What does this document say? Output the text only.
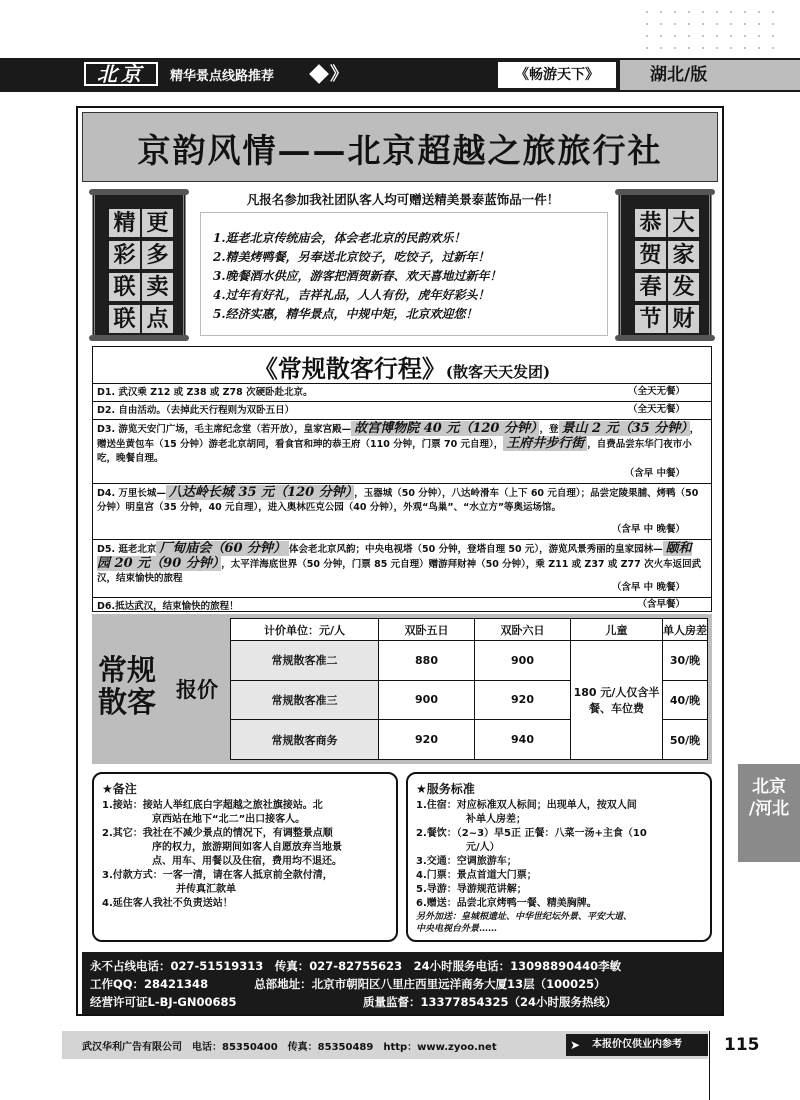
北京	精华景点线路推荐	》	《畅游天下》	湖北/版
京韵风情——北京超越之旅旅行社
更
精
多
彩
卖
联
点
联
凡报名参加我社团队客人均可赠送精美景泰蓝饰品一件！
1.逛老北京传统庙会，体会老北京的民韵欢乐！
2.精美烤鸭餐，另奉送北京饺子，吃饺子，过新年！
3.晚餐酒水供应，游客把酒贺新春、欢天喜地过新年！
4.过年有好礼，吉祥礼品，人人有份，虎年好彩头！
5.经济实惠，精华景点，中规中矩，北京欢迎您！
大
恭
家
贺
发
春
财
节
《常规散客行程》(散客天天发团)
D1. 武汉乘 Z12 或 Z38 或 Z78 次硬卧赴北京。	（全天无餐）
D2. 自由活动。（去掉此天行程则为双卧五日）	（全天无餐）
D3. 游览天安门广场，毛主席纪念堂（若开放），皇家宫殿— 故宫博物院 40 元（120 分钟） ，登 景山 2 元（35 分钟） ，赠送坐黄包车（15 分钟）游老北京胡同，看食官和珅的恭王府（110 分钟，门票 70 元自理）， 王府井步行街 ，自费品尝东华门夜市小吃，晚餐自理。
（含早 中餐）
D4. 万里长城— 八达岭长城 35 元（120 分钟） ，玉器城（50 分钟），八达岭滑车（上下 60 元自理）；品尝定陵果脯、烤鸭（50 分钟）明皇宫（35 分钟，40 元自理），进入奥林匹克公园（40 分钟），外观“鸟巢”、“水立方”等奥运场馆。
（含早 中 晚餐）
D5. 逛老北京 厂甸庙会（60 分钟） 体会老北京风韵；中央电视塔（50 分钟，登塔自理 50 元），游览风景秀丽的皇家园林— 颐和园 20 元（90 分钟） ，太平洋海底世界（50 分钟，门票 85 元自理）赠游拜财神（50 分钟），乘 Z11 或 Z37 或 Z77 次火车返回武汉，结束愉快的旅程
（含早 中 晚餐）
D6.抵达武汉，结束愉快的旅程！	（含早餐）
常规
散客 报价
计价单位：元/人	双卧五日	双卧六日	儿童	单人房差
常规散客准二	880	900	180 元/人仅含半餐、车位费	30/晚
常规散客准三	900	920		40/晚
常规散客商务	920	940		50/晚
★备注

1.接站：接站人举红底白字超越之旅社旗接站。北

京西站在地下“北二”出口接客人。

2.其它：我社在不减少景点的情况下，有调整景点顺

序的权力，旅游期间如客人自愿放弃当地景

点、用车、用餐以及住宿，费用均不退还。

3.付款方式：一客一清，请在客人抵京前全款付清，

并传真汇款单

4.延住客人我社不负责送站！

★服务标准

1.住宿：对应标准双人标间；出现单人，按双人间

补单人房差；

2.餐饮：（2~3）早5正 正餐：八菜一汤+主食（10

元/人）

3.交通：空调旅游车；

4.门票：景点首道大门票；

5.导游：导游规范讲解；

6.赠送：品尝北京烤鸭一餐、精美胸牌。

另外加送：皇城根遗址、中华世纪坛外景、平安大道、

中央电视台外景……

永不占线电话：027-51519313　传真：027-82755623　24小时服务电话：13098890440李敏
工作QQ：28421348　　　　总部地址：北京市朝阳区八里庄西里远洋商务大厦13层（100025）
经营许可证L-BJ-GN00685　　　　　　　　　　　质量监督：13377854325（24小时服务热线）
北京
/河北
武汉华利广告有限公司　电话：85350400　传真：85350489　http：www.zyoo.net	本报价仅供业内参考
➤	115
